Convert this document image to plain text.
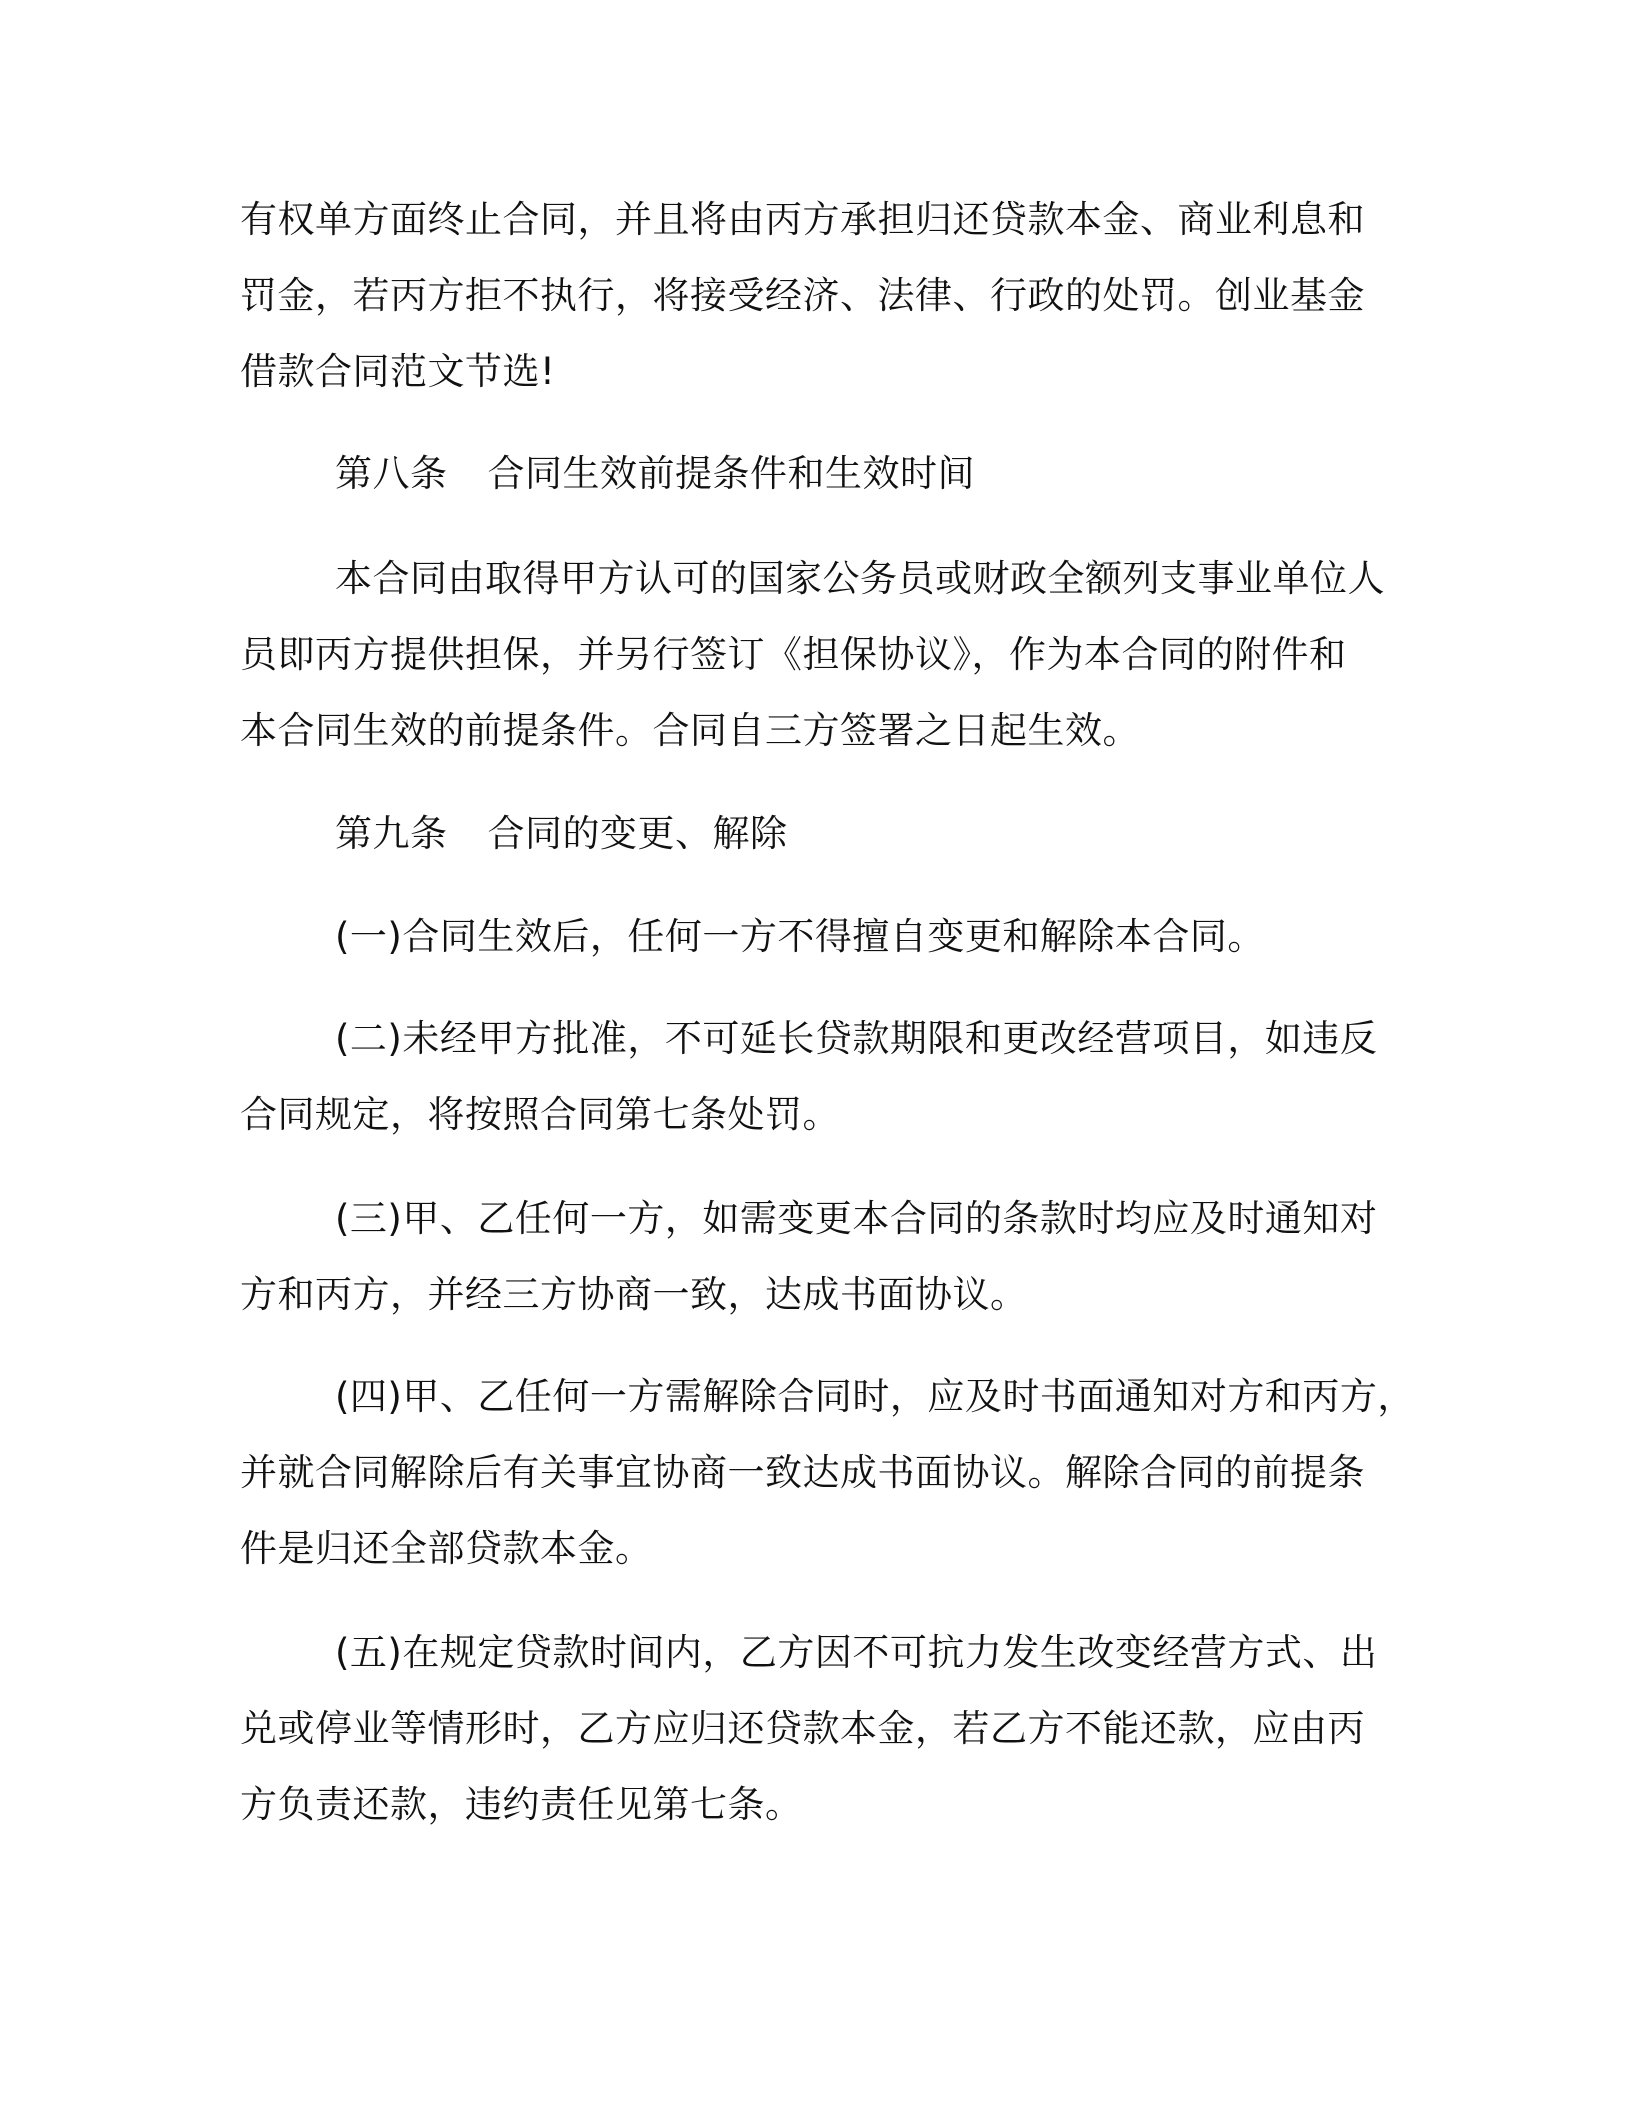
有权单方面终止合同，并且将由丙方承担归还贷款本金、商业利息和
罚金，若丙方拒不执行，将接受经济、法律、行政的处罚。创业基金
借款合同范文节选!
第八条 合同生效前提条件和生效时间
本合同由取得甲方认可的国家公务员或财政全额列支事业单位人
员即丙方提供担保，并另行签订《担保协议》，作为本合同的附件和
本合同生效的前提条件。合同自三方签署之日起生效。
第九条 合同的变更、解除
(一)合同生效后，任何一方不得擅自变更和解除本合同。
(二)未经甲方批准，不可延长贷款期限和更改经营项目，如违反
合同规定，将按照合同第七条处罚。
(三)甲、乙任何一方，如需变更本合同的条款时均应及时通知对
方和丙方，并经三方协商一致，达成书面协议。
(四)甲、乙任何一方需解除合同时，应及时书面通知对方和丙方，
并就合同解除后有关事宜协商一致达成书面协议。解除合同的前提条
件是归还全部贷款本金。
(五)在规定贷款时间内，乙方因不可抗力发生改变经营方式、出
兑或停业等情形时，乙方应归还贷款本金，若乙方不能还款，应由丙
方负责还款，违约责任见第七条。
